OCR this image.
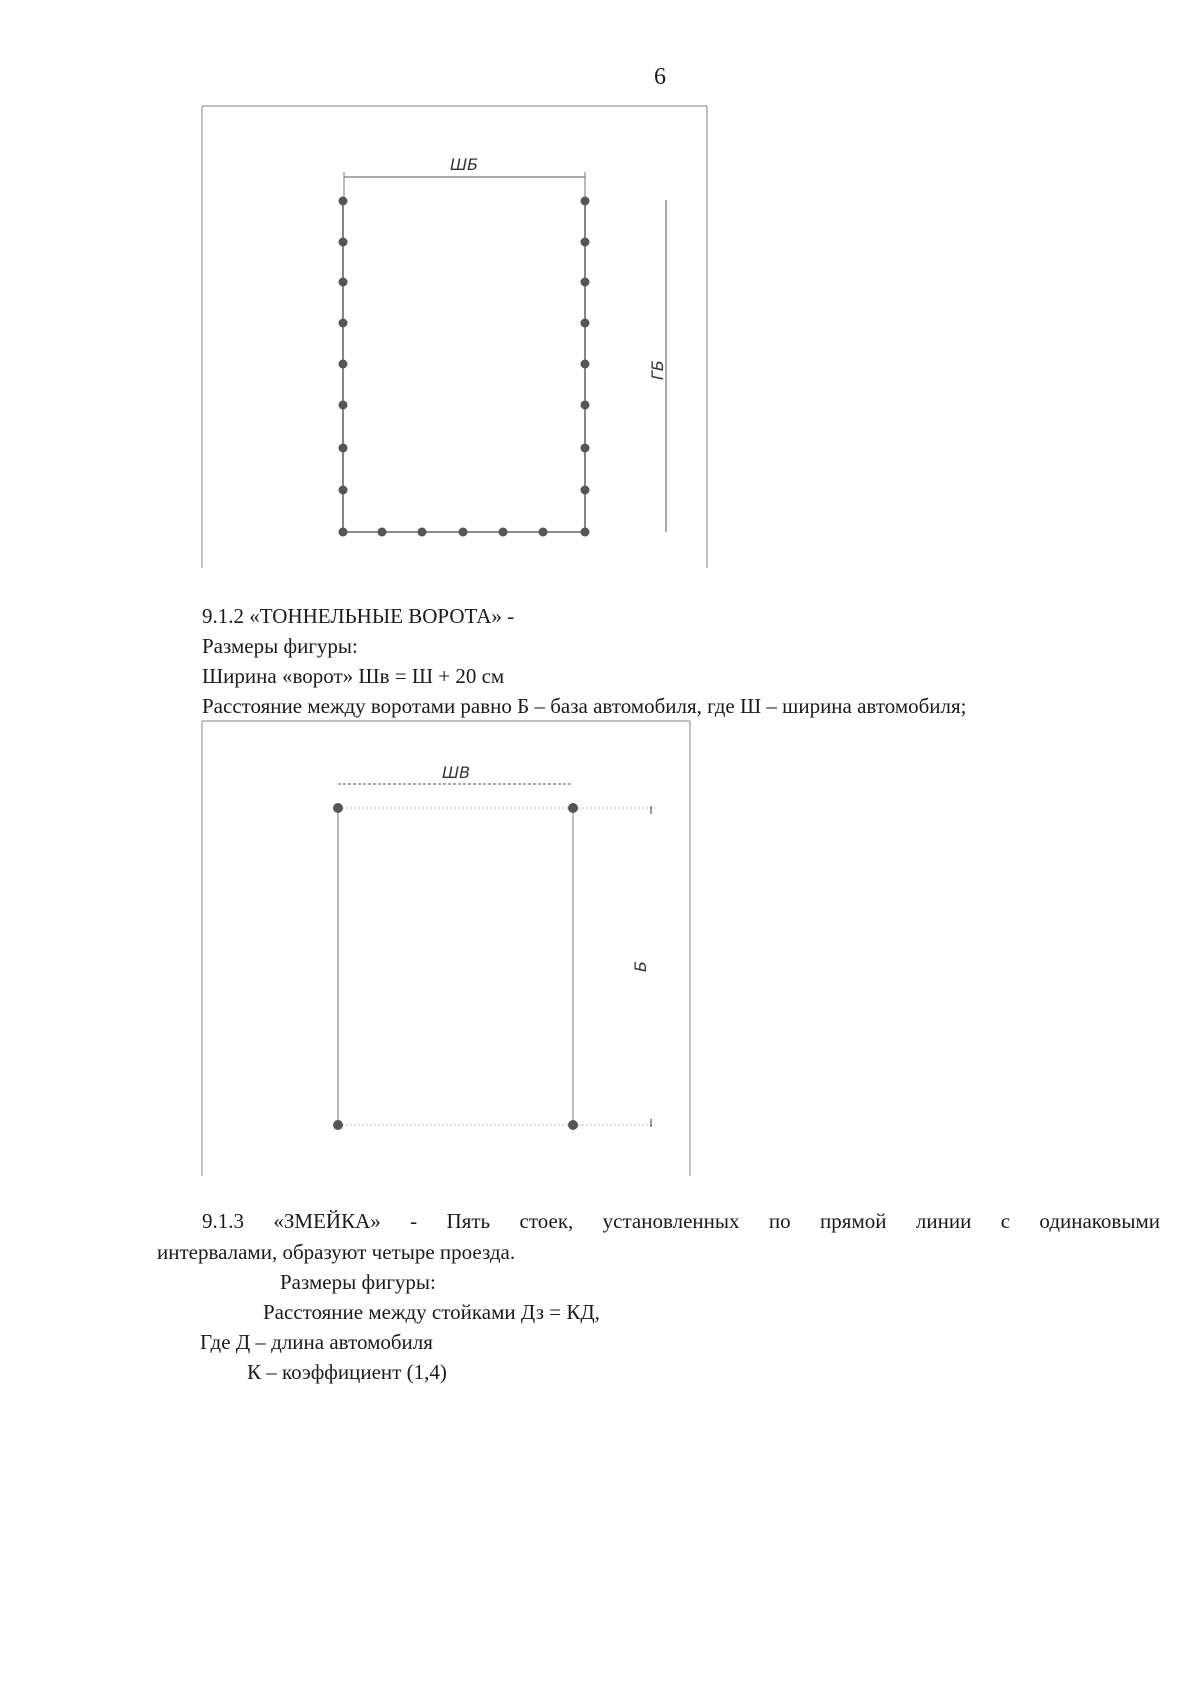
6
ШБ
ГБ
9.1.2 «ТОННЕЛЬНЫЕ ВОРОТА» -
Размеры фигуры:
Ширина «ворот» Шв = Ш + 20 см
Расстояние между воротами равно Б – база автомобиля, где Ш – ширина автомобиля;
ШВ
Б
9.1.3 «ЗМЕЙКА» - Пять стоек, установленных по прямой линии с одинаковыми
интервалами, образуют четыре проезда.
Размеры фигуры:
Расстояние между стойками Дз = КД,
Где Д – длина автомобиля
К – коэффициент (1,4)
